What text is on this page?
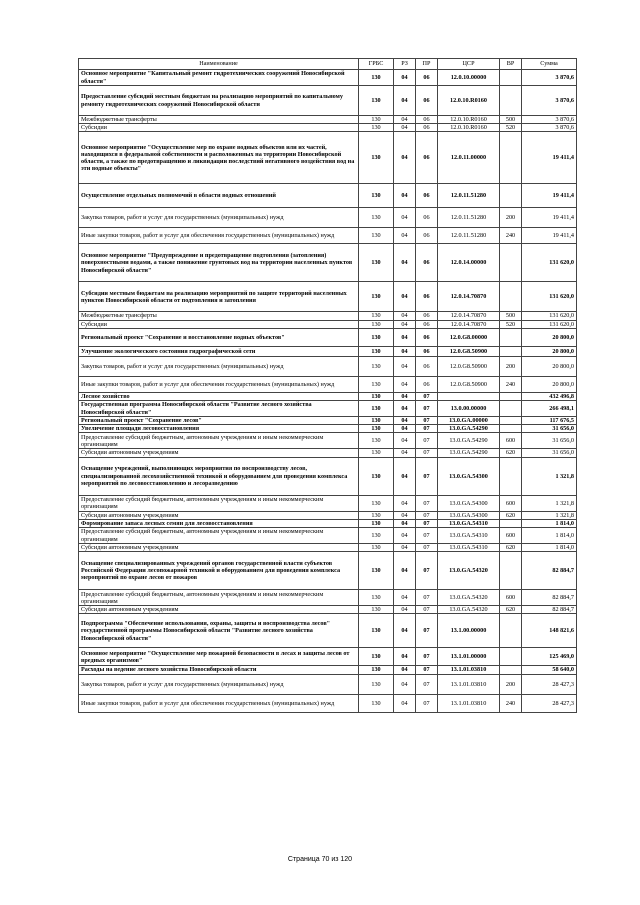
Наименование	ГРБС	РЗ	ПР	ЦСР	ВР	Сумма
Основное мероприятие "Капитальный ремонт гидротехнических сооружений Новосибирской области"	130	04	06	12.0.10.00000		3 870,6
Предоставление субсидий местным бюджетам на реализацию мероприятий по капитальному ремонту гидротехнических сооружений Новосибирской области	130	04	06	12.0.10.R0160		3 870,6
Межбюджетные трансферты	130	04	06	12.0.10.R0160	500	3 870,6
Субсидии	130	04	06	12.0.10.R0160	520	3 870,6
Основное мероприятие "Осуществление мер по охране водных объектов или их частей, находящихся в федеральной собственности и расположенных на территории Новосибирской области, а также по предотвращению и ликвидации последствий негативного воздействия вод на эти водные объекты"	130	04	06	12.0.11.00000		19 411,4
Осуществление отдельных полномочий в области водных отношений	130	04	06	12.0.11.51280		19 411,4
Закупка товаров, работ и услуг для государственных (муниципальных) нужд	130	04	06	12.0.11.51280	200	19 411,4
Иные закупки товаров, работ и услуг для обеспечения государственных (муниципальных) нужд	130	04	06	12.0.11.51280	240	19 411,4
Основное мероприятие "Предупреждение и предотвращение подтопления (затопления) поверхностными водами, а также понижение грунтовых вод на территории населенных пунктов Новосибирской области"	130	04	06	12.0.14.00000		131 620,0
Субсидии местным бюджетам на реализацию мероприятий по защите территорий населенных пунктов Новосибирской области от подтопления и затопления	130	04	06	12.0.14.70870		131 620,0
Межбюджетные трансферты	130	04	06	12.0.14.70870	500	131 620,0
Субсидии	130	04	06	12.0.14.70870	520	131 620,0
Региональный проект "Сохранение и восстановление водных объектов"	130	04	06	12.0.G8.00000		20 800,0
Улучшение экологического состояния гидрографической сети	130	04	06	12.0.G8.50900		20 800,0
Закупка товаров, работ и услуг для государственных (муниципальных) нужд	130	04	06	12.0.G8.50900	200	20 800,0
Иные закупки товаров, работ и услуг для обеспечения государственных (муниципальных) нужд	130	04	06	12.0.G8.50900	240	20 800,0
Лесное хозяйство	130	04	07			432 496,8
Государственная программа Новосибирской области "Развитие лесного хозяйства Новосибирской области"	130	04	07	13.0.00.00000		266 498,1
Региональный проект "Сохранение лесов"	130	04	07	13.0.GA.00000		117 676,5
Увеличение площади лесовосстановления	130	04	07	13.0.GA.54290		31 656,0
Предоставление субсидий бюджетным, автономным учреждениям и иным некоммерческим организациям	130	04	07	13.0.GA.54290	600	31 656,0
Субсидии автономным учреждениям	130	04	07	13.0.GA.54290	620	31 656,0
Оснащение учреждений, выполняющих мероприятия по воспроизводству лесов, специализированной лесохозяйственной техникой и оборудованием для проведения комплекса мероприятий по лесовосстановлению и лесоразведению	130	04	07	13.0.GA.54300		1 321,8
Предоставление субсидий бюджетным, автономным учреждениям и иным некоммерческим организациям	130	04	07	13.0.GA.54300	600	1 321,8
Субсидии автономным учреждениям	130	04	07	13.0.GA.54300	620	1 321,8
Формирование запаса лесных семян для лесовосстановления	130	04	07	13.0.GA.54310		1 814,0
Предоставление субсидий бюджетным, автономным учреждениям и иным некоммерческим организациям	130	04	07	13.0.GA.54310	600	1 814,0
Субсидии автономным учреждениям	130	04	07	13.0.GA.54310	620	1 814,0
Оснащение специализированных учреждений органов государственной власти субъектов Российской Федерации лесопожарной техникой и оборудованием для проведения комплекса мероприятий по охране лесов от пожаров	130	04	07	13.0.GA.54320		82 884,7
Предоставление субсидий бюджетным, автономным учреждениям и иным некоммерческим организациям	130	04	07	13.0.GA.54320	600	82 884,7
Субсидии автономным учреждениям	130	04	07	13.0.GA.54320	620	82 884,7
Подпрограмма "Обеспечение использования, охраны, защиты и воспроизводства лесов" государственной программы Новосибирской области "Развитие лесного хозяйства Новосибирской области"	130	04	07	13.1.00.00000		148 821,6
Основное мероприятие "Осуществление мер пожарной безопасности в лесах и защиты лесов от вредных организмов"	130	04	07	13.1.01.00000		125 469,0
Расходы на ведение лесного хозяйства Новосибирской области	130	04	07	13.1.01.03810		58 640,0
Закупка товаров, работ и услуг для государственных (муниципальных) нужд	130	04	07	13.1.01.03810	200	28 427,3
Иные закупки товаров, работ и услуг для обеспечения государственных (муниципальных) нужд	130	04	07	13.1.01.03810	240	28 427,3
Страница 70 из 120
